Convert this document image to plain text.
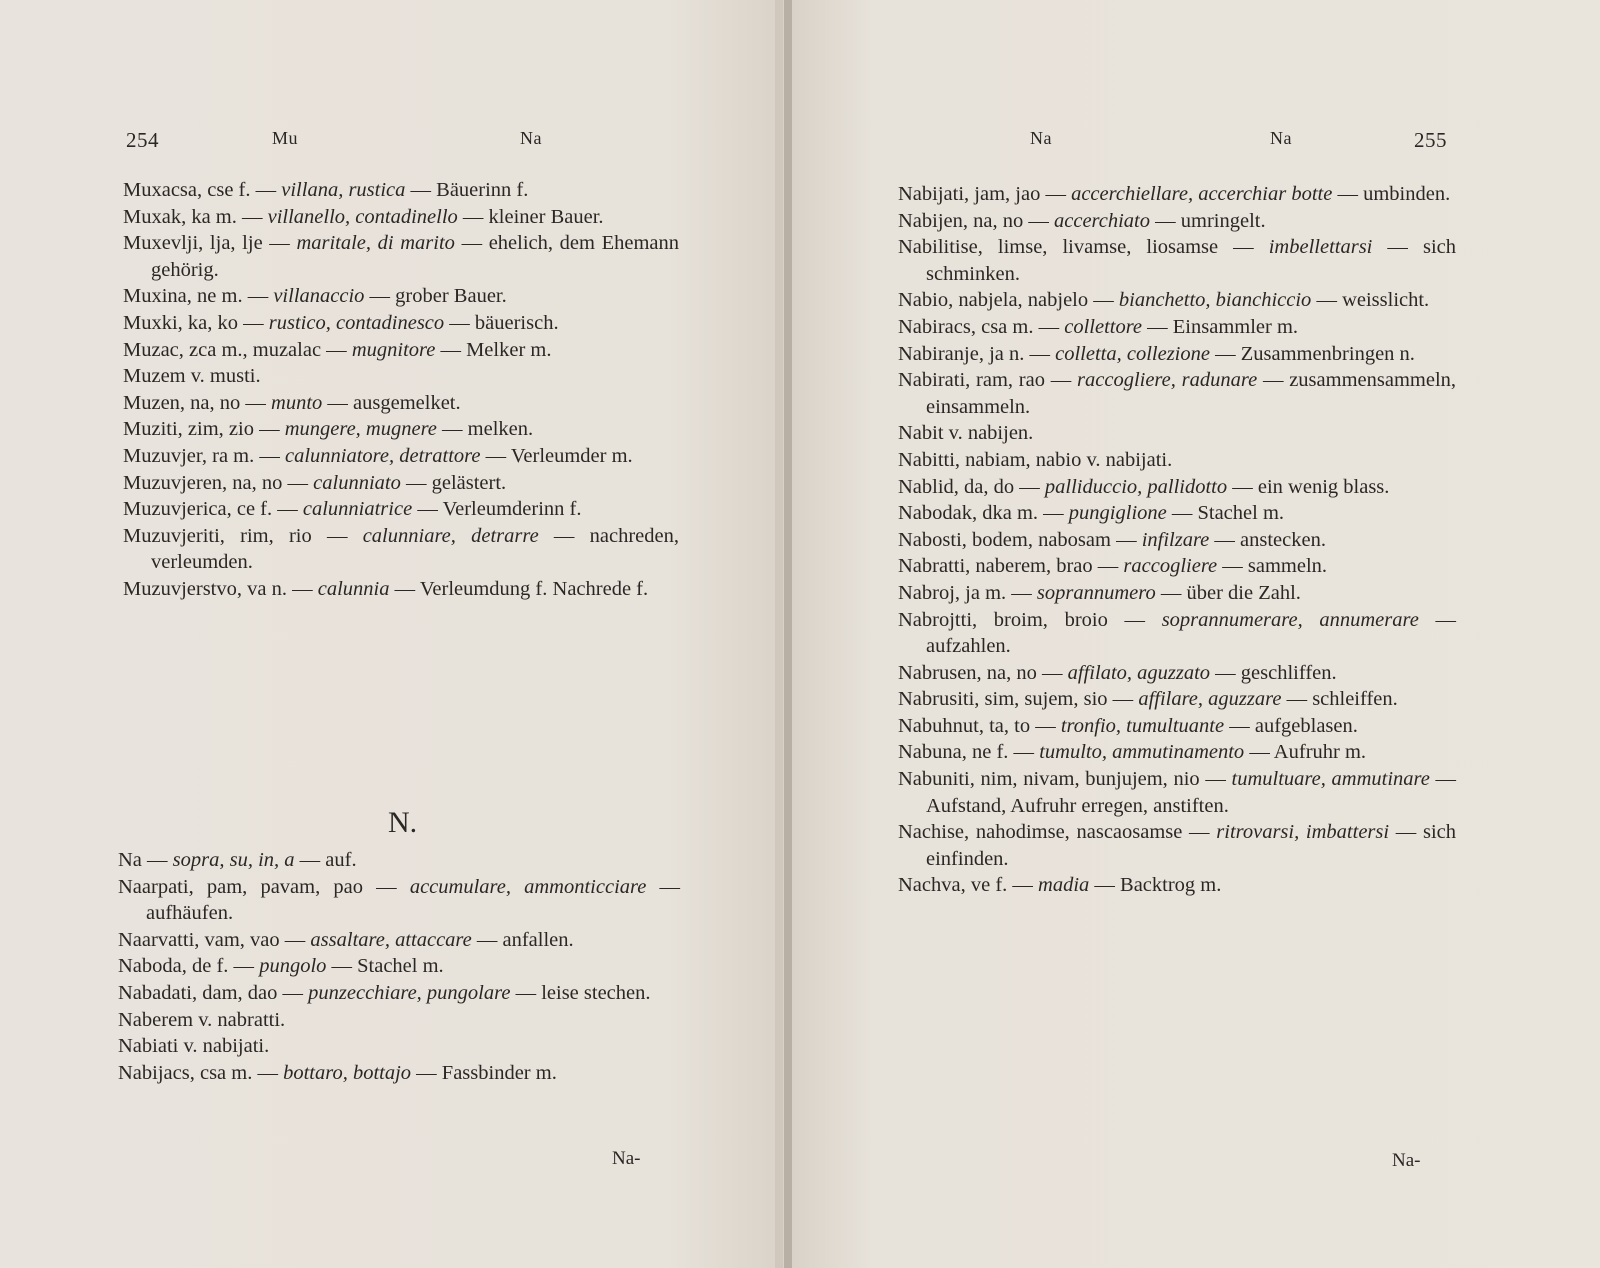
254	Mu	Na

Muxacsa, cse f. — villana, rustica — Bäuerinn f.

Muxak, ka m. — villanello, contadinello — kleiner Bauer.

Muxevlji, lja, lje — maritale, di marito — ehelich, dem Ehemann gehörig.

Muxina, ne m. — villanaccio — grober Bauer.

Muxki, ka, ko — rustico, contadinesco — bäuerisch.

Muzac, zca m., muzalac — mugnitore — Melker m.

Muzem v. musti.

Muzen, na, no — munto — ausgemelket.

Muziti, zim, zio — mungere, mugnere — melken.

Muzuvjer, ra m. — calunniatore, detrattore — Verleumder m.

Muzuvjeren, na, no — calunniato — gelästert.

Muzuvjerica, ce f. — calunniatrice — Verleumderinn f.

Muzuvjeriti, rim, rio — calunniare, detrarre — nachreden, verleumden.

Muzuvjerstvo, va n. — calunnia — Verleumdung f. Nachrede f.

N.

Na — sopra, su, in, a — auf.

Naarpati, pam, pavam, pao — accumulare, ammonticciare — aufhäufen.

Naarvatti, vam, vao — assaltare, attaccare — anfallen.

Naboda, de f. — pungolo — Stachel m.

Nabadati, dam, dao — punzecchiare, pungolare — leise stechen.

Naberem v. nabratti.

Nabiati v. nabijati.

Nabijacs, csa m. — bottaro, bottajo — Fassbinder m.

Na-
Na	Na	255

Nabijati, jam, jao — accerchiellare, accerchiar botte — umbinden.

Nabijen, na, no — accerchiato — umringelt.

Nabilitise, limse, livamse, liosamse — imbellettarsi — sich schminken.

Nabio, nabjela, nabjelo — bianchetto, bianchiccio — weisslicht.

Nabiracs, csa m. — collettore — Einsammler m.

Nabiranje, ja n. — colletta, collezione — Zusammenbringen n.

Nabirati, ram, rao — raccogliere, radunare — zusammensammeln, einsammeln.

Nabit v. nabijen.

Nabitti, nabiam, nabio v. nabijati.

Nablid, da, do — palliduccio, pallidotto — ein wenig blass.

Nabodak, dka m. — pungiglione — Stachel m.

Nabosti, bodem, nabosam — infilzare — anstecken.

Nabratti, naberem, brao — raccogliere — sammeln.

Nabroj, ja m. — soprannumero — über die Zahl.

Nabrojtti, broim, broio — soprannumerare, annumerare — aufzahlen.

Nabrusen, na, no — affilato, aguzzato — geschliffen.

Nabrusiti, sim, sujem, sio — affilare, aguzzare — schleiffen.

Nabuhnut, ta, to — tronfio, tumultuante — aufgeblasen.

Nabuna, ne f. — tumulto, ammutinamento — Aufruhr m.

Nabuniti, nim, nivam, bunjujem, nio — tumultuare, ammutinare — Aufstand, Aufruhr erregen, anstiften.

Nachise, nahodimse, nascaosamse — ritrovarsi, imbattersi — sich einfinden.

Nachva, ve f. — madia — Backtrog m.

Na-
